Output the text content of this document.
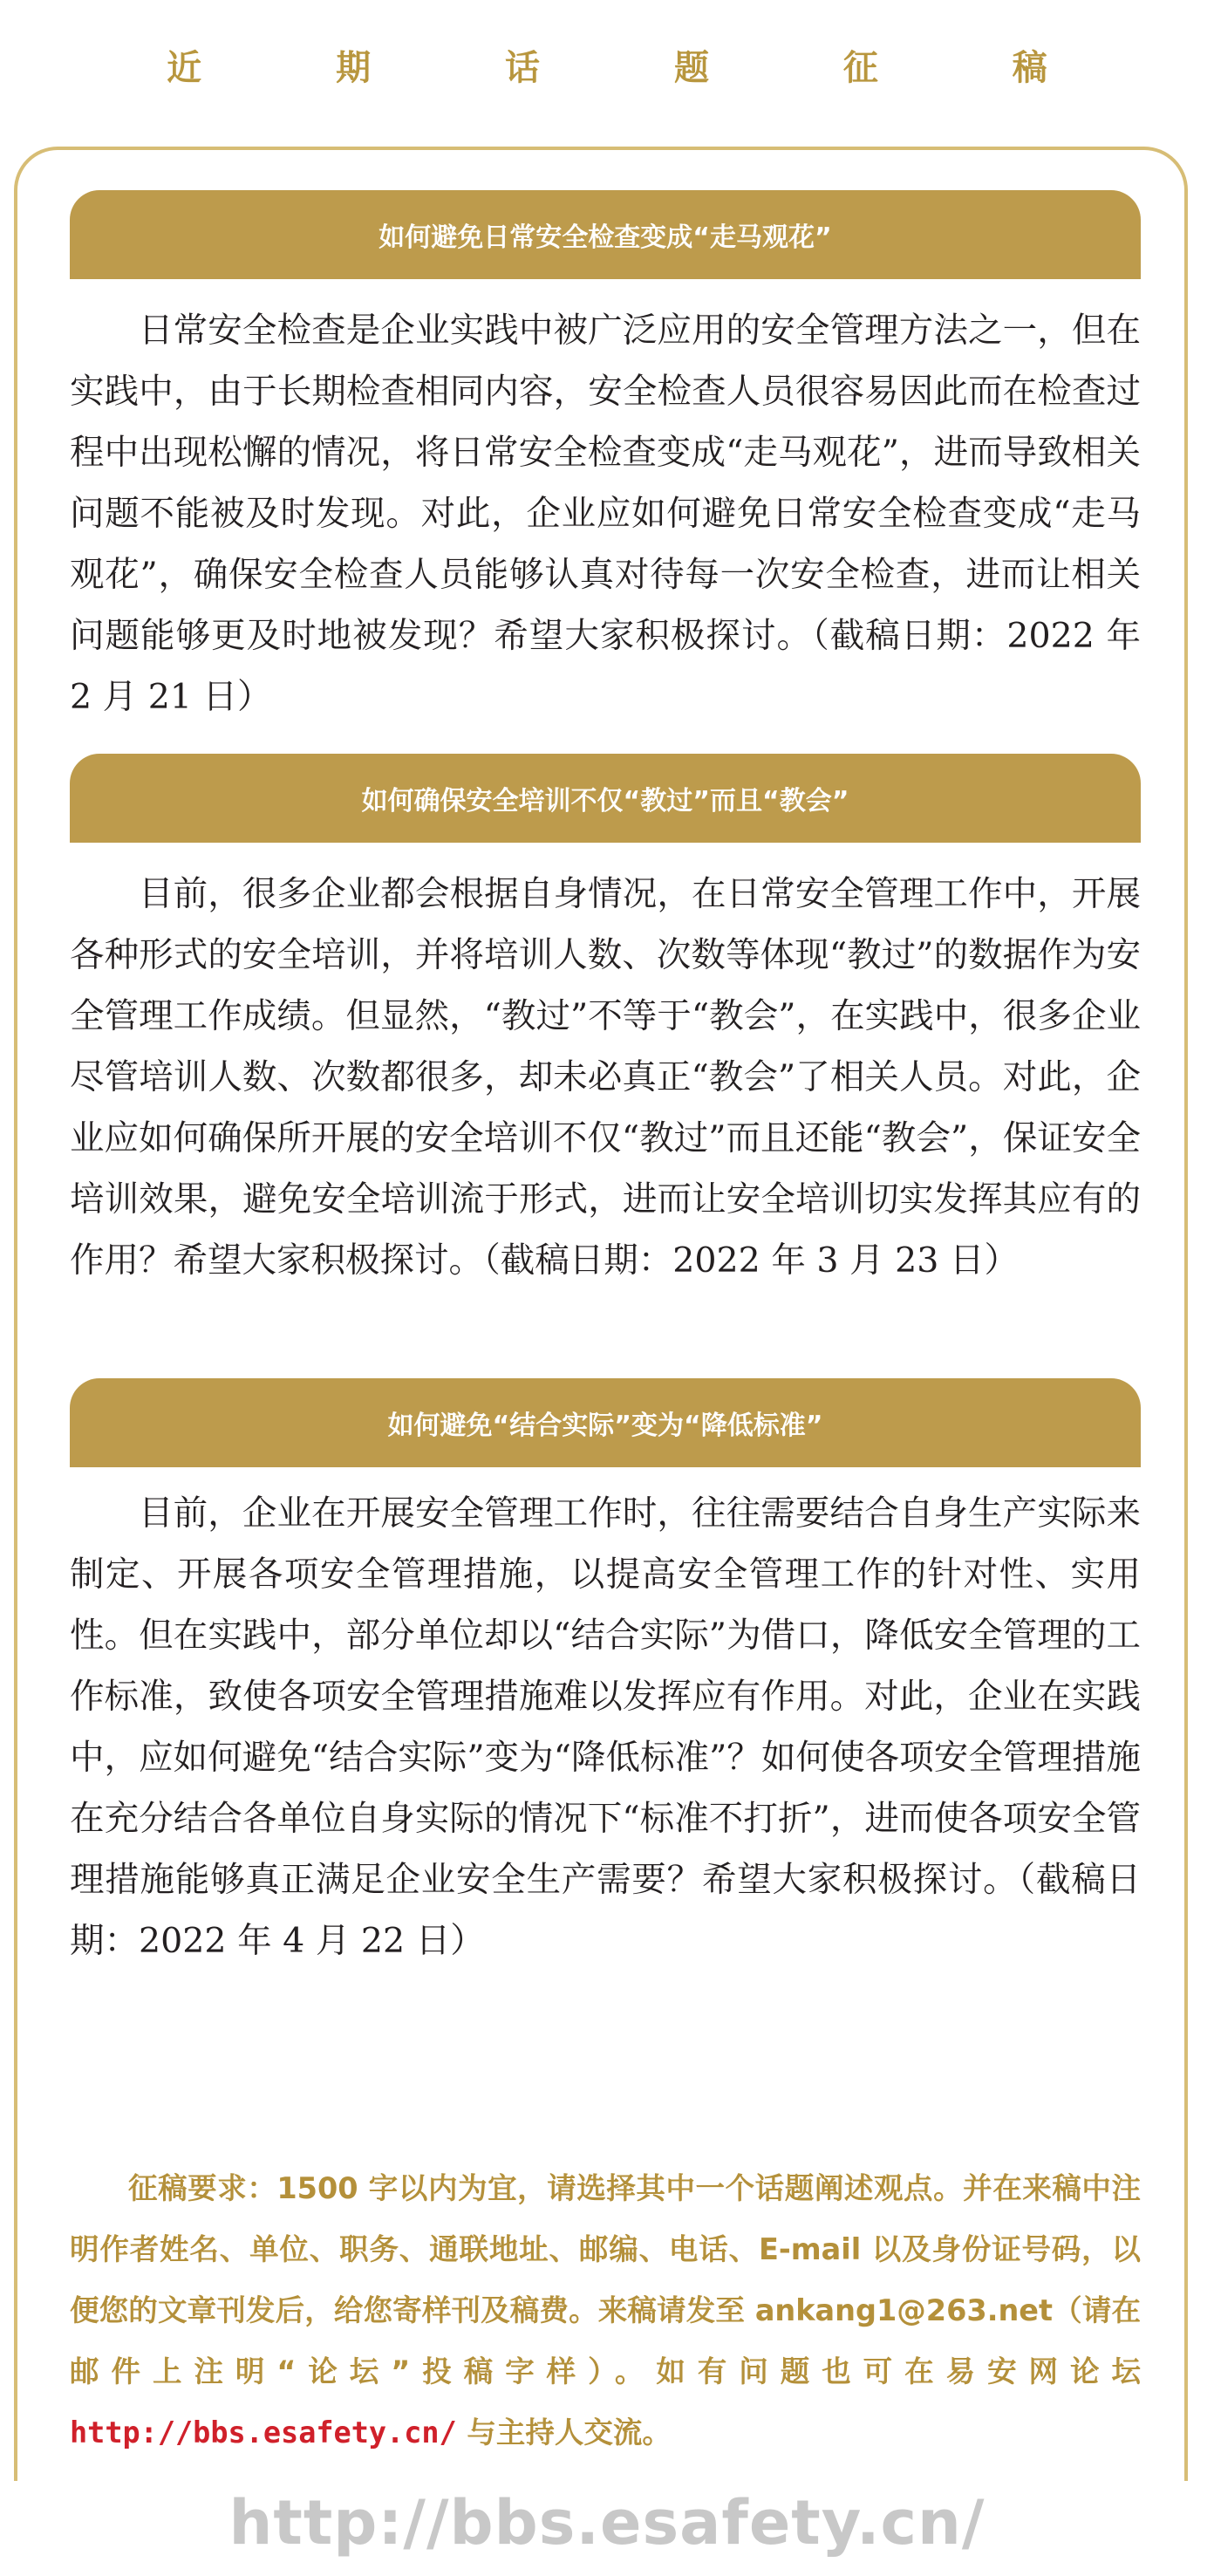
近 期 话 题 征 稿
如何避免日常安全检查变成“走马观花”

日常安全检查是企业实践中被广泛应用的安全管理方法之一，但在实践中，由于长期检查相同内容，安全检查人员很容易因此而在检查过程中出现松懈的情况，将日常安全检查变成“走马观花”，进而导致相关问题不能被及时发现。对此，企业应如何避免日常安全检查变成“走马观花”，确保安全检查人员能够认真对待每一次安全检查，进而让相关问题能够更及时地被发现？希望大家积极探讨。（截稿日期：2022 年 2 月 21 日）

如何确保安全培训不仅“教过”而且“教会”

目前，很多企业都会根据自身情况，在日常安全管理工作中，开展各种形式的安全培训，并将培训人数、次数等体现“教过”的数据作为安全管理工作成绩。但显然，“教过”不等于“教会”，在实践中，很多企业尽管培训人数、次数都很多，却未必真正“教会”了相关人员。对此，企业应如何确保所开展的安全培训不仅“教过”而且还能“教会”，保证安全培训效果，避免安全培训流于形式，进而让安全培训切实发挥其应有的作用？希望大家积极探讨。（截稿日期：2022 年 3 月 23 日）

如何避免“结合实际”变为“降低标准”

目前，企业在开展安全管理工作时，往往需要结合自身生产实际来制定、开展各项安全管理措施，以提高安全管理工作的针对性、实用性。但在实践中，部分单位却以“结合实际”为借口，降低安全管理的工作标准，致使各项安全管理措施难以发挥应有作用。对此，企业在实践中，应如何避免“结合实际”变为“降低标准”？如何使各项安全管理措施在充分结合各单位自身实际的情况下“标准不打折”，进而使各项安全管理措施能够真正满足企业安全生产需要？希望大家积极探讨。（截稿日期：2022 年 4 月 22 日）

征稿要求：1500 字以内为宜，请选择其中一个话题阐述观点。并在来稿中注明作者姓名、单位、职务、通联地址、邮编、电话、E-mail 以及身份证号码，以便您的文章刊发后，给您寄样刊及稿费。来稿请发至 ankang1@263.net（请在邮件上注明“论坛”投稿字样）。如有问题也可在易安网论坛 http://bbs.esafety.cn/ 与主持人交流。

http://bbs.esafety.cn/
